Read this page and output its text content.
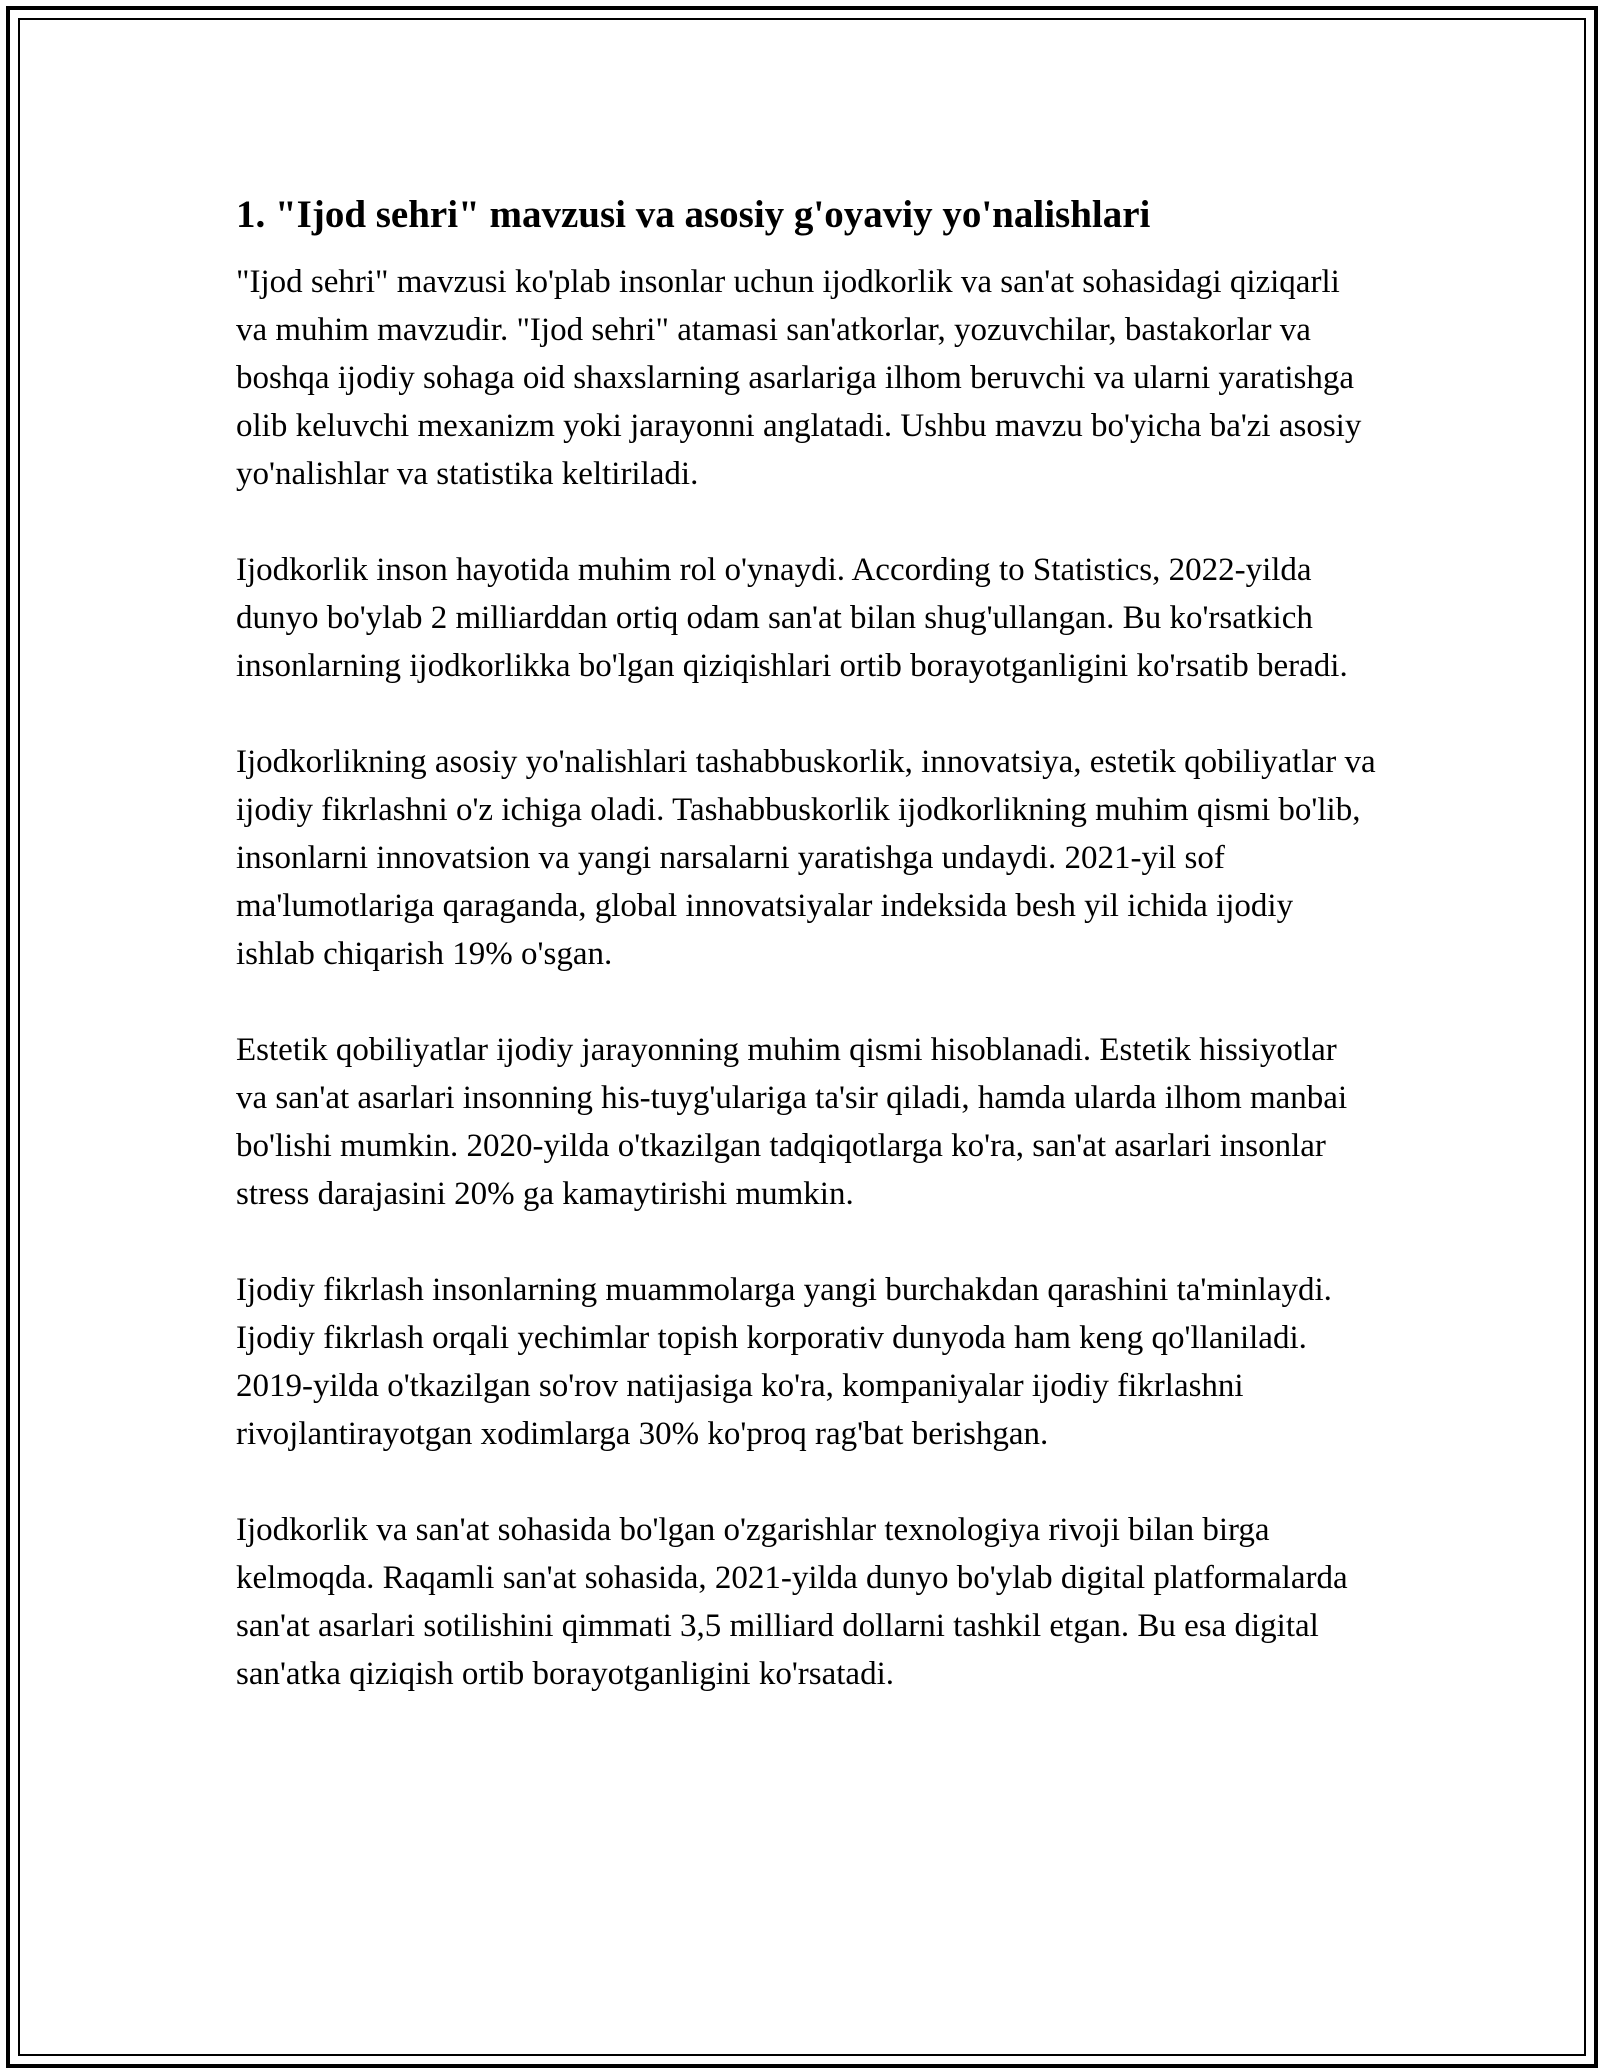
1. "Ijod sehri" mavzusi va asosiy g'oyaviy yo'nalishlari

"Ijod sehri" mavzusi ko'plab insonlar uchun ijodkorlik va san'at sohasidagi qiziqarli va muhim mavzudir. "Ijod sehri" atamasi san'atkorlar, yozuvchilar, bastakorlar va boshqa ijodiy sohaga oid shaxslarning asarlariga ilhom beruvchi va ularni yaratishga olib keluvchi mexanizm yoki jarayonni anglatadi. Ushbu mavzu bo'yicha ba'zi asosiy yo'nalishlar va statistika keltiriladi.

Ijodkorlik inson hayotida muhim rol o'ynaydi. According to Statistics, 2022-yilda dunyo bo'ylab 2 milliarddan ortiq odam san'at bilan shug'ullangan. Bu ko'rsatkich insonlarning ijodkorlikka bo'lgan qiziqishlari ortib borayotganligini ko'rsatib beradi.

Ijodkorlikning asosiy yo'nalishlari tashabbuskorlik, innovatsiya, estetik qobiliyatlar va ijodiy fikrlashni o'z ichiga oladi. Tashabbuskorlik ijodkorlikning muhim qismi bo'lib, insonlarni innovatsion va yangi narsalarni yaratishga undaydi. 2021-yil sof ma'lumotlariga qaraganda, global innovatsiyalar indeksida besh yil ichida ijodiy ishlab chiqarish 19% o'sgan.

Estetik qobiliyatlar ijodiy jarayonning muhim qismi hisoblanadi. Estetik hissiyotlar va san'at asarlari insonning his-tuyg'ulariga ta'sir qiladi, hamda ularda ilhom manbai bo'lishi mumkin. 2020-yilda o'tkazilgan tadqiqotlarga ko'ra, san'at asarlari insonlar stress darajasini 20% ga kamaytirishi mumkin.

Ijodiy fikrlash insonlarning muammolarga yangi burchakdan qarashini ta'minlaydi. Ijodiy fikrlash orqali yechimlar topish korporativ dunyoda ham keng qo'llaniladi. 2019-yilda o'tkazilgan so'rov natijasiga ko'ra, kompaniyalar ijodiy fikrlashni rivojlantirayotgan xodimlarga 30% ko'proq rag'bat berishgan.

Ijodkorlik va san'at sohasida bo'lgan o'zgarishlar texnologiya rivoji bilan birga kelmoqda. Raqamli san'at sohasida, 2021-yilda dunyo bo'ylab digital platformalarda san'at asarlari sotilishini qimmati 3,5 milliard dollarni tashkil etgan. Bu esa digital san'atka qiziqish ortib borayotganligini ko'rsatadi.
